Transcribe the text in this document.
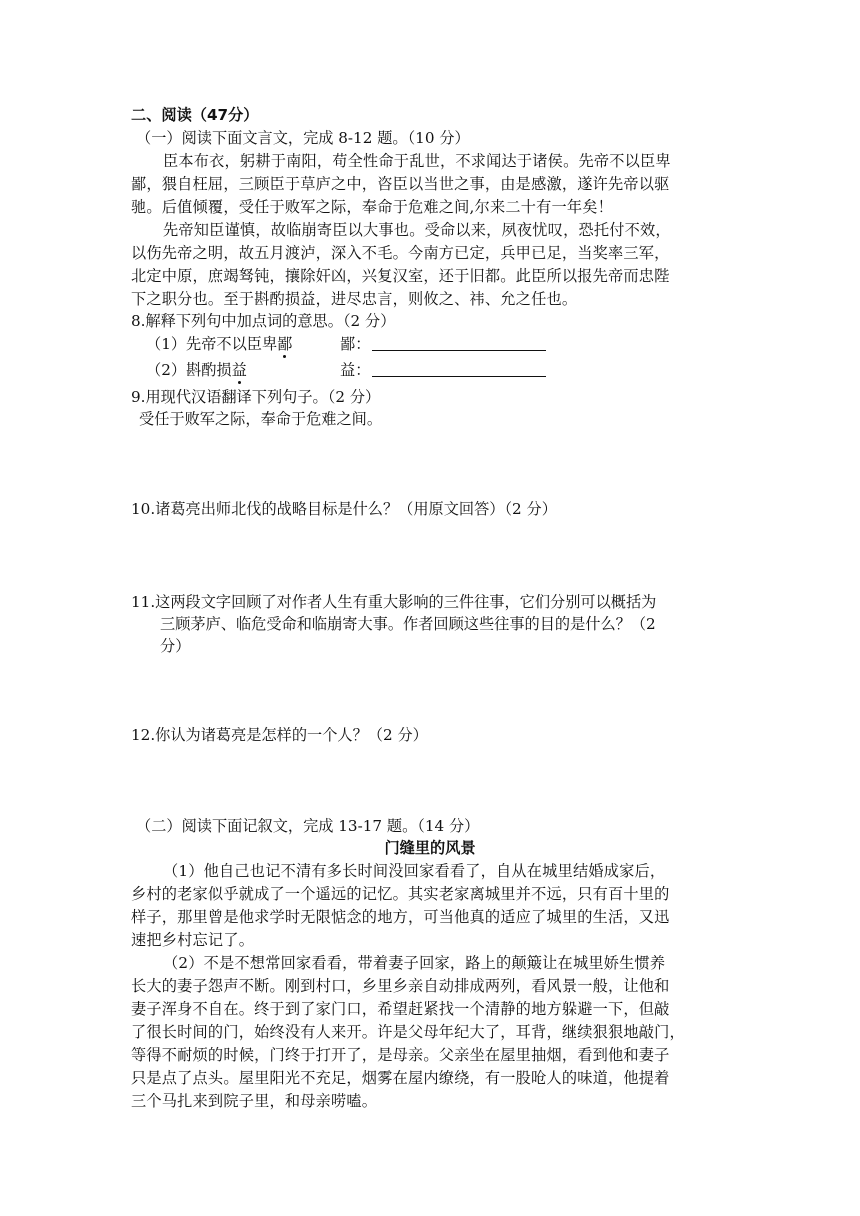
二、阅读（47分）
（一）阅读下面文言文，完成 8-12 题。（10 分）
臣本布衣，躬耕于南阳，苟全性命于乱世，不求闻达于诸侯。先帝不以臣卑
鄙，猥自枉屈，三顾臣于草庐之中，咨臣以当世之事，由是感激，遂许先帝以驱
驰。后值倾覆，受任于败军之际，奉命于危难之间,尔来二十有一年矣！
先帝知臣谨慎，故临崩寄臣以大事也。受命以来，夙夜忧叹，恐托付不效，
以伤先帝之明，故五月渡泸，深入不毛。今南方已定，兵甲已足，当奖率三军，
北定中原，庶竭驽钝，攘除奸凶，兴复汉室，还于旧都。此臣所以报先帝而忠陛
下之职分也。至于斟酌损益，进尽忠言，则攸之、祎、允之任也。
8.解释下列句中加点词的意思。（2 分）
（1）先帝不以臣卑鄙	鄙：
（2）斟酌损益	益：
9.用现代汉语翻译下列句子。（2 分）
受任于败军之际，奉命于危难之间。
10.诸葛亮出师北伐的战略目标是什么？（用原文回答）（2 分）
11.这两段文字回顾了对作者人生有重大影响的三件往事，它们分别可以概括为
三顾茅庐、临危受命和临崩寄大事。作者回顾这些往事的目的是什么？（2
分）
12.你认为诸葛亮是怎样的一个人？（2 分）
（二）阅读下面记叙文，完成 13-17 题。（14 分）
门缝里的风景
（1）他自己也记不清有多长时间没回家看看了，自从在城里结婚成家后，
乡村的老家似乎就成了一个遥远的记忆。其实老家离城里并不远，只有百十里的
样子，那里曾是他求学时无限惦念的地方，可当他真的适应了城里的生活，又迅
速把乡村忘记了。
（2）不是不想常回家看看，带着妻子回家，路上的颠簸让在城里娇生惯养
长大的妻子怨声不断。刚到村口，乡里乡亲自动排成两列，看风景一般，让他和
妻子浑身不自在。终于到了家门口，希望赶紧找一个清静的地方躲避一下，但敲
了很长时间的门，始终没有人来开。许是父母年纪大了，耳背，继续狠狠地敲门，
等得不耐烦的时候，门终于打开了，是母亲。父亲坐在屋里抽烟，看到他和妻子
只是点了点头。屋里阳光不充足，烟雾在屋内缭绕，有一股呛人的味道，他提着
三个马扎来到院子里，和母亲唠嗑。
